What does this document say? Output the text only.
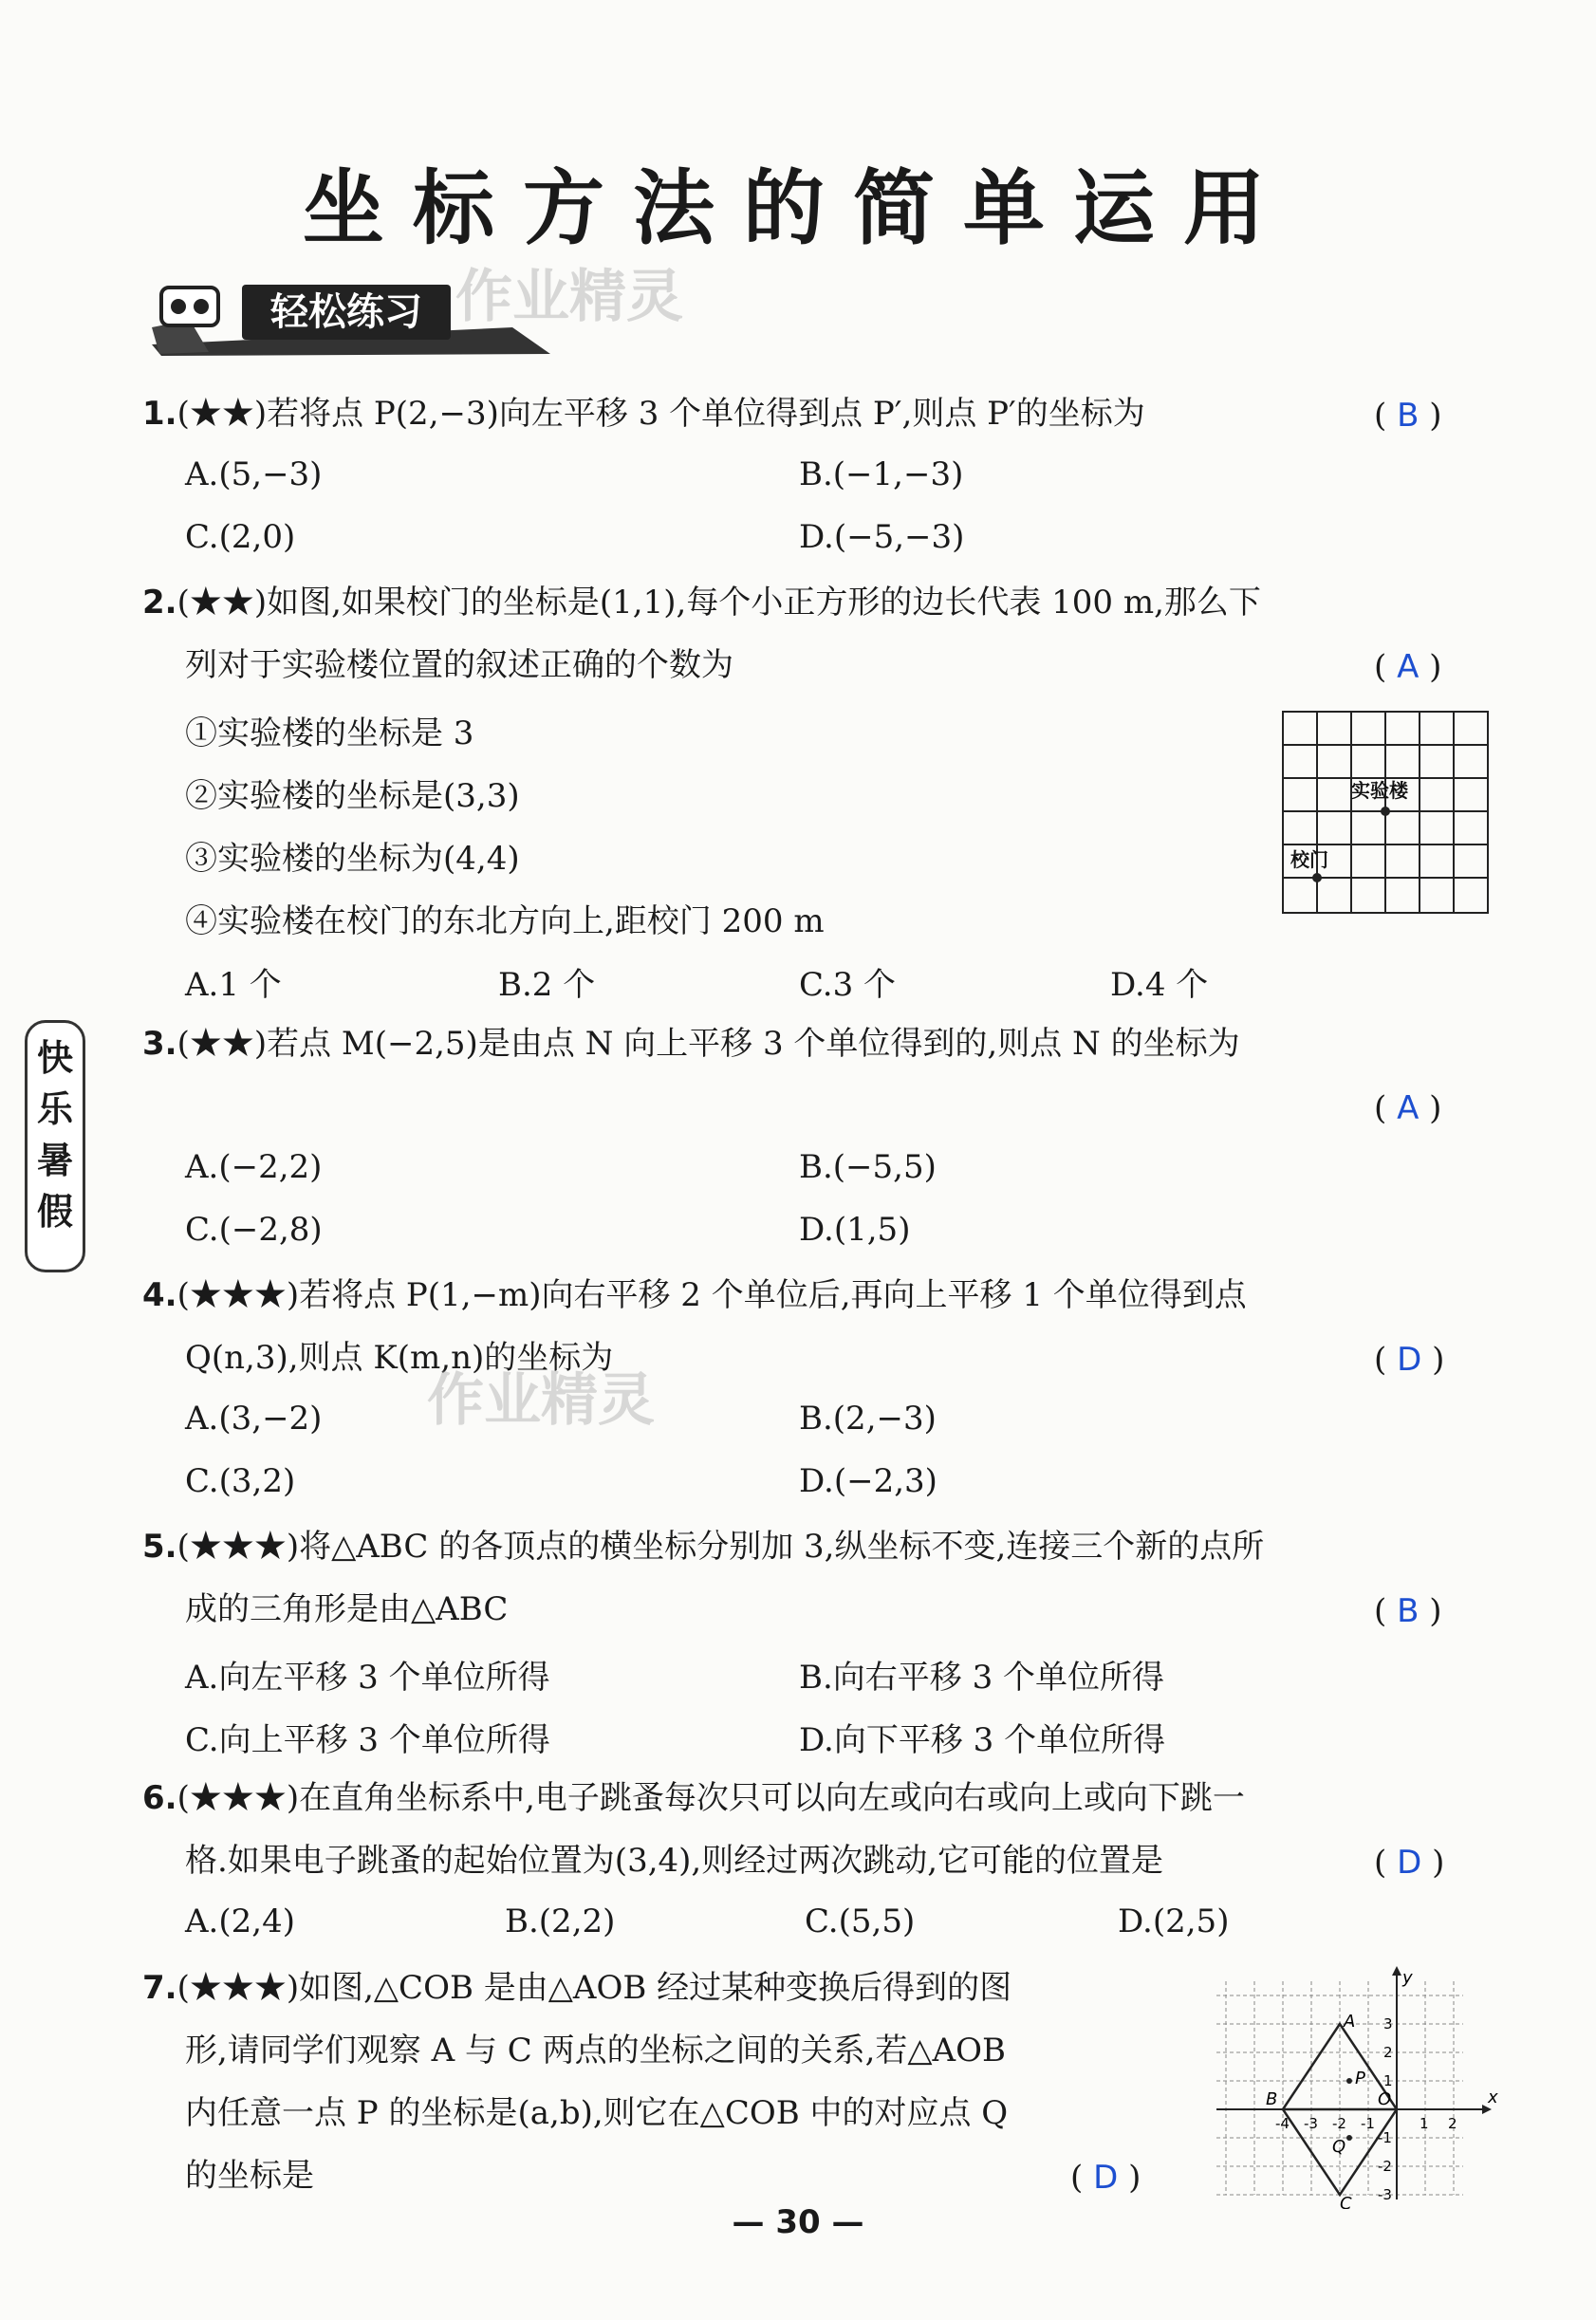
坐标方法的简单运用
轻松练习 作业精灵
1.(★★)若将点 P(2,−3)向左平移 3 个单位得到点 P′,则点 P′的坐标为	( B )
A.(5,−3)	B.(−1,−3)
C.(2,0)	D.(−5,−3)
2.(★★)如图,如果校门的坐标是(1,1),每个小正方形的边长代表 100 m,那么下
列对于实验楼位置的叙述正确的个数为	( A )
①实验楼的坐标是 3
②实验楼的坐标是(3,3)
③实验楼的坐标为(4,4)
④实验楼在校门的东北方向上,距校门 200 m
A.1 个	B.2 个	C.3 个	D.4 个
实验楼
校门
快
乐
暑
假
3.(★★)若点 M(−2,5)是由点 N 向上平移 3 个单位得到的,则点 N 的坐标为
( A )
A.(−2,2)	B.(−5,5)
C.(−2,8)	D.(1,5)
4.(★★★)若将点 P(1,−m)向右平移 2 个单位后,再向上平移 1 个单位得到点
Q(n,3),则点 K(m,n)的坐标为	( D )
作业精灵
A.(3,−2)	B.(2,−3)
C.(3,2)	D.(−2,3)
5.(★★★)将△ABC 的各顶点的横坐标分别加 3,纵坐标不变,连接三个新的点所
成的三角形是由△ABC	( B )
A.向左平移 3 个单位所得	B.向右平移 3 个单位所得
C.向上平移 3 个单位所得	D.向下平移 3 个单位所得
6.(★★★)在直角坐标系中,电子跳蚤每次只可以向左或向右或向上或向下跳一
格.如果电子跳蚤的起始位置为(3,4),则经过两次跳动,它可能的位置是	( D )
A.(2,4)	B.(2,2)	C.(5,5)	D.(2,5)
7.(★★★)如图,△COB 是由△AOB 经过某种变换后得到的图
形,请同学们观察 A 与 C 两点的坐标之间的关系,若△AOB
内任意一点 P 的坐标是(a,b),则它在△COB 中的对应点 Q
的坐标是	( D )
y
x
A
B
C
O
P
Q
-4 -3 -2 -1	1 2
3
2
1
-1
-2
-3
— 30 —
